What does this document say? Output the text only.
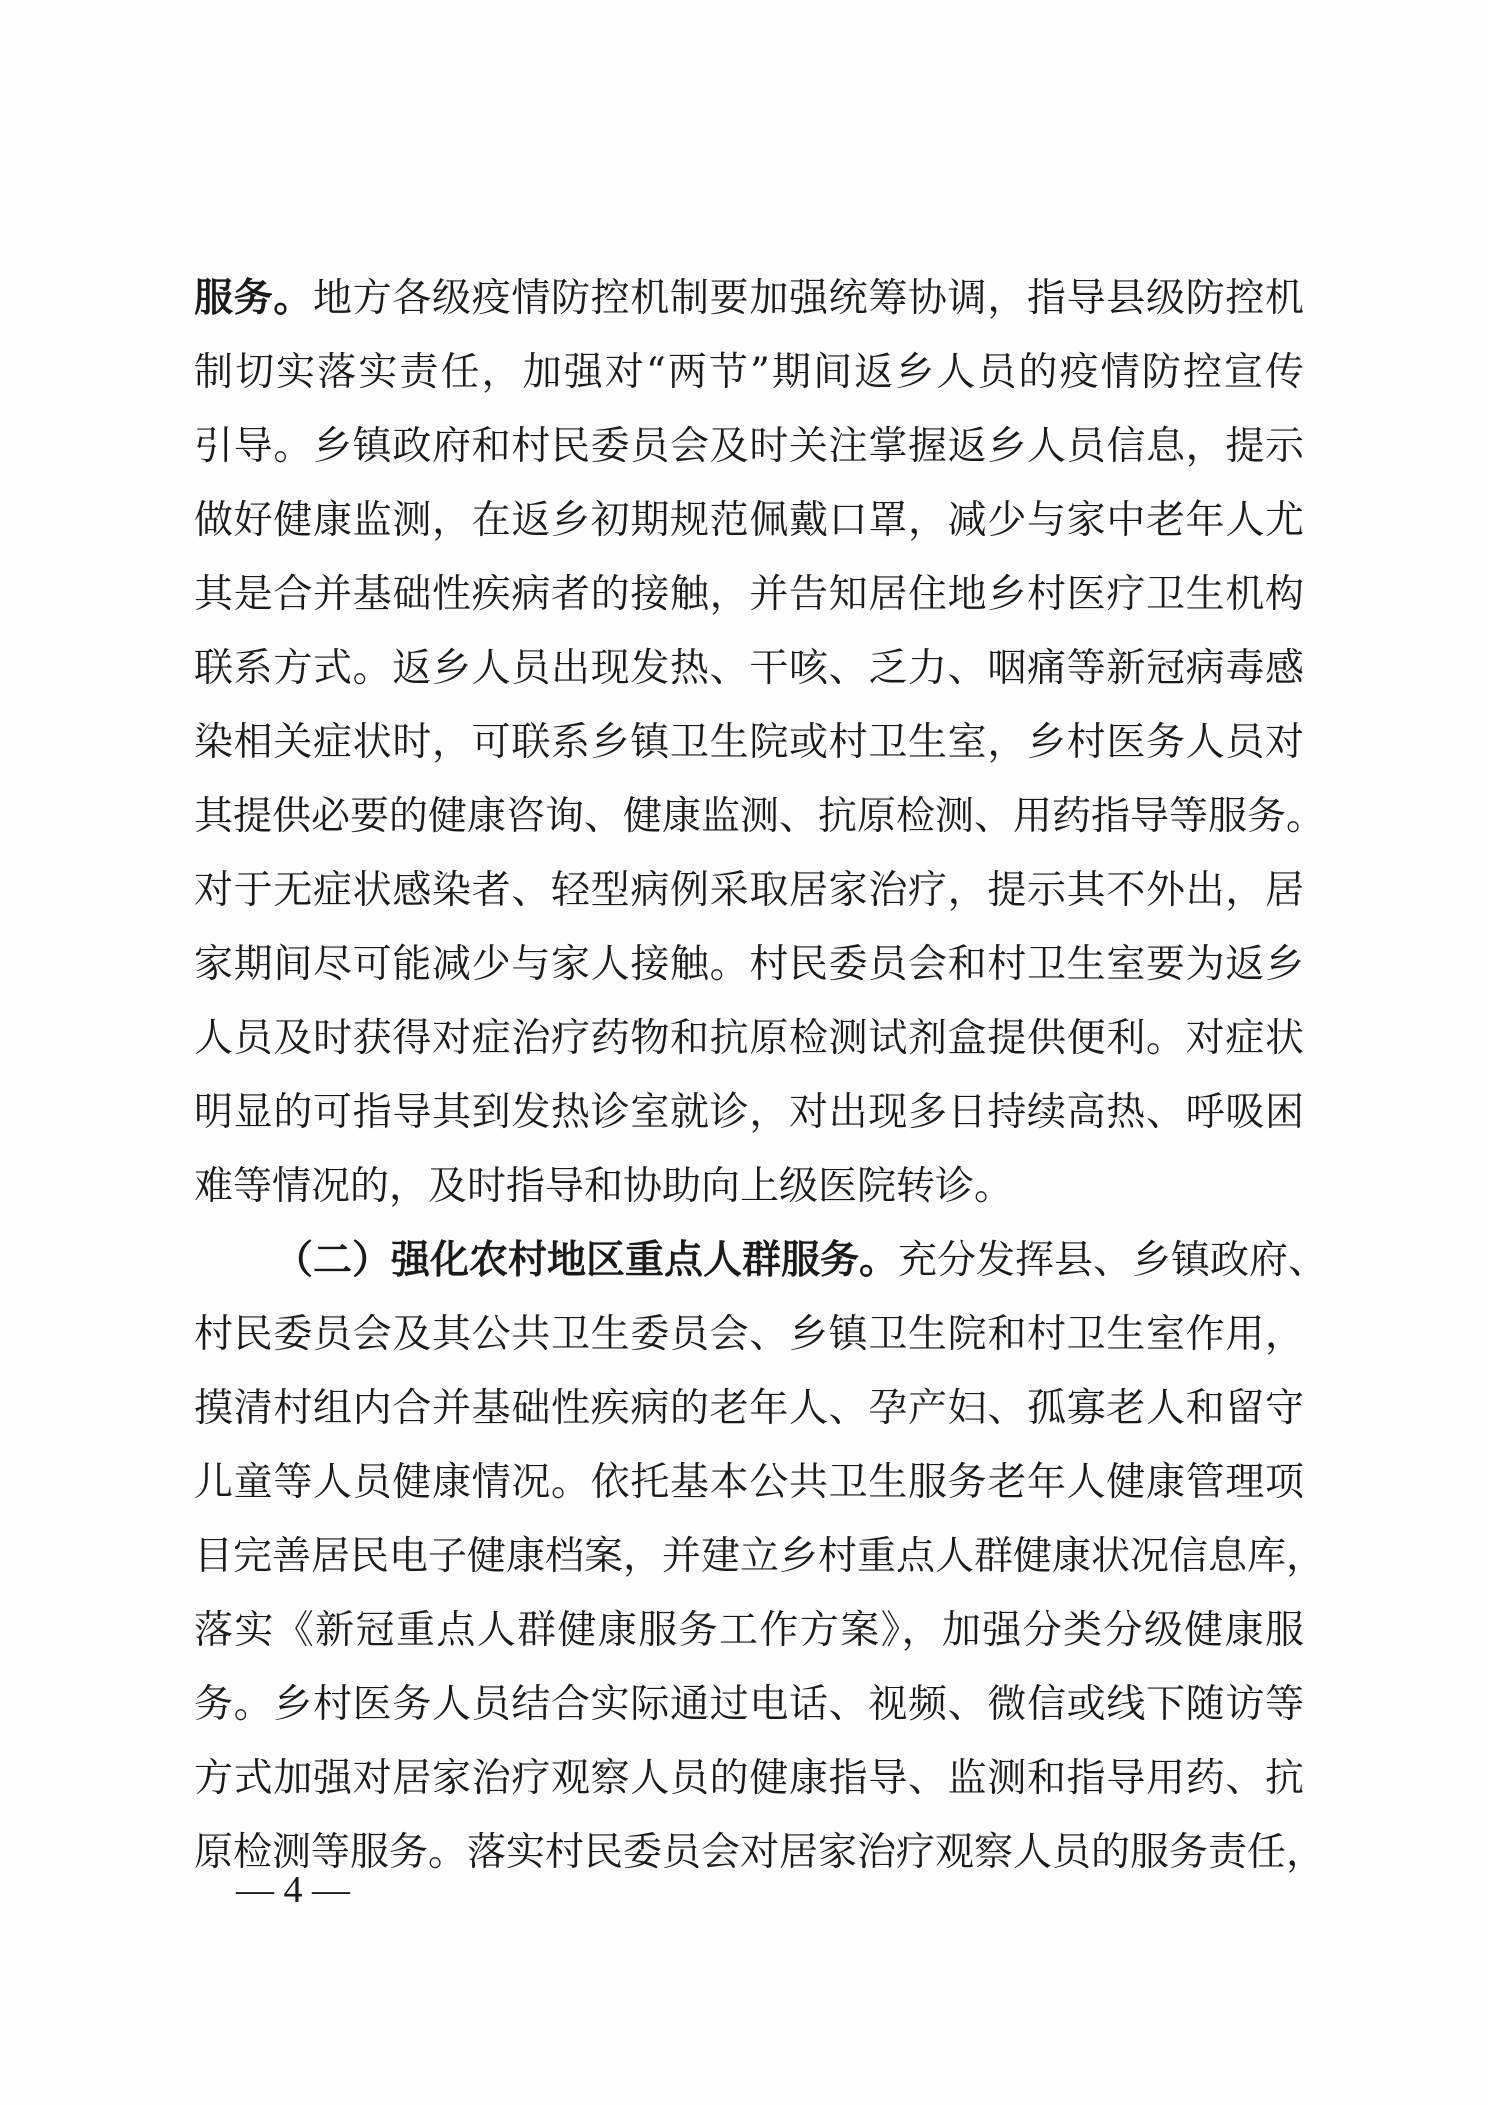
服务。地方各级疫情防控机制要加强统筹协调，指导县级防控机
制切实落实责任，加强对“两节”期间返乡人员的疫情防控宣传
引导。乡镇政府和村民委员会及时关注掌握返乡人员信息，提示
做好健康监测，在返乡初期规范佩戴口罩，减少与家中老年人尤
其是合并基础性疾病者的接触，并告知居住地乡村医疗卫生机构
联系方式。返乡人员出现发热、干咳、乏力、咽痛等新冠病毒感
染相关症状时，可联系乡镇卫生院或村卫生室，乡村医务人员对
其提供必要的健康咨询、健康监测、抗原检测、用药指导等服务。
对于无症状感染者、轻型病例采取居家治疗，提示其不外出，居
家期间尽可能减少与家人接触。村民委员会和村卫生室要为返乡
人员及时获得对症治疗药物和抗原检测试剂盒提供便利。对症状
明显的可指导其到发热诊室就诊，对出现多日持续高热、呼吸困
难等情况的，及时指导和协助向上级医院转诊。
（二）强化农村地区重点人群服务。充分发挥县、乡镇政府、
村民委员会及其公共卫生委员会、乡镇卫生院和村卫生室作用，
摸清村组内合并基础性疾病的老年人、孕产妇、孤寡老人和留守
儿童等人员健康情况。依托基本公共卫生服务老年人健康管理项
目完善居民电子健康档案，并建立乡村重点人群健康状况信息库，
落实《新冠重点人群健康服务工作方案》，加强分类分级健康服
务。乡村医务人员结合实际通过电话、视频、微信或线下随访等
方式加强对居家治疗观察人员的健康指导、监测和指导用药、抗
原检测等服务。落实村民委员会对居家治疗观察人员的服务责任，
— 4 —
